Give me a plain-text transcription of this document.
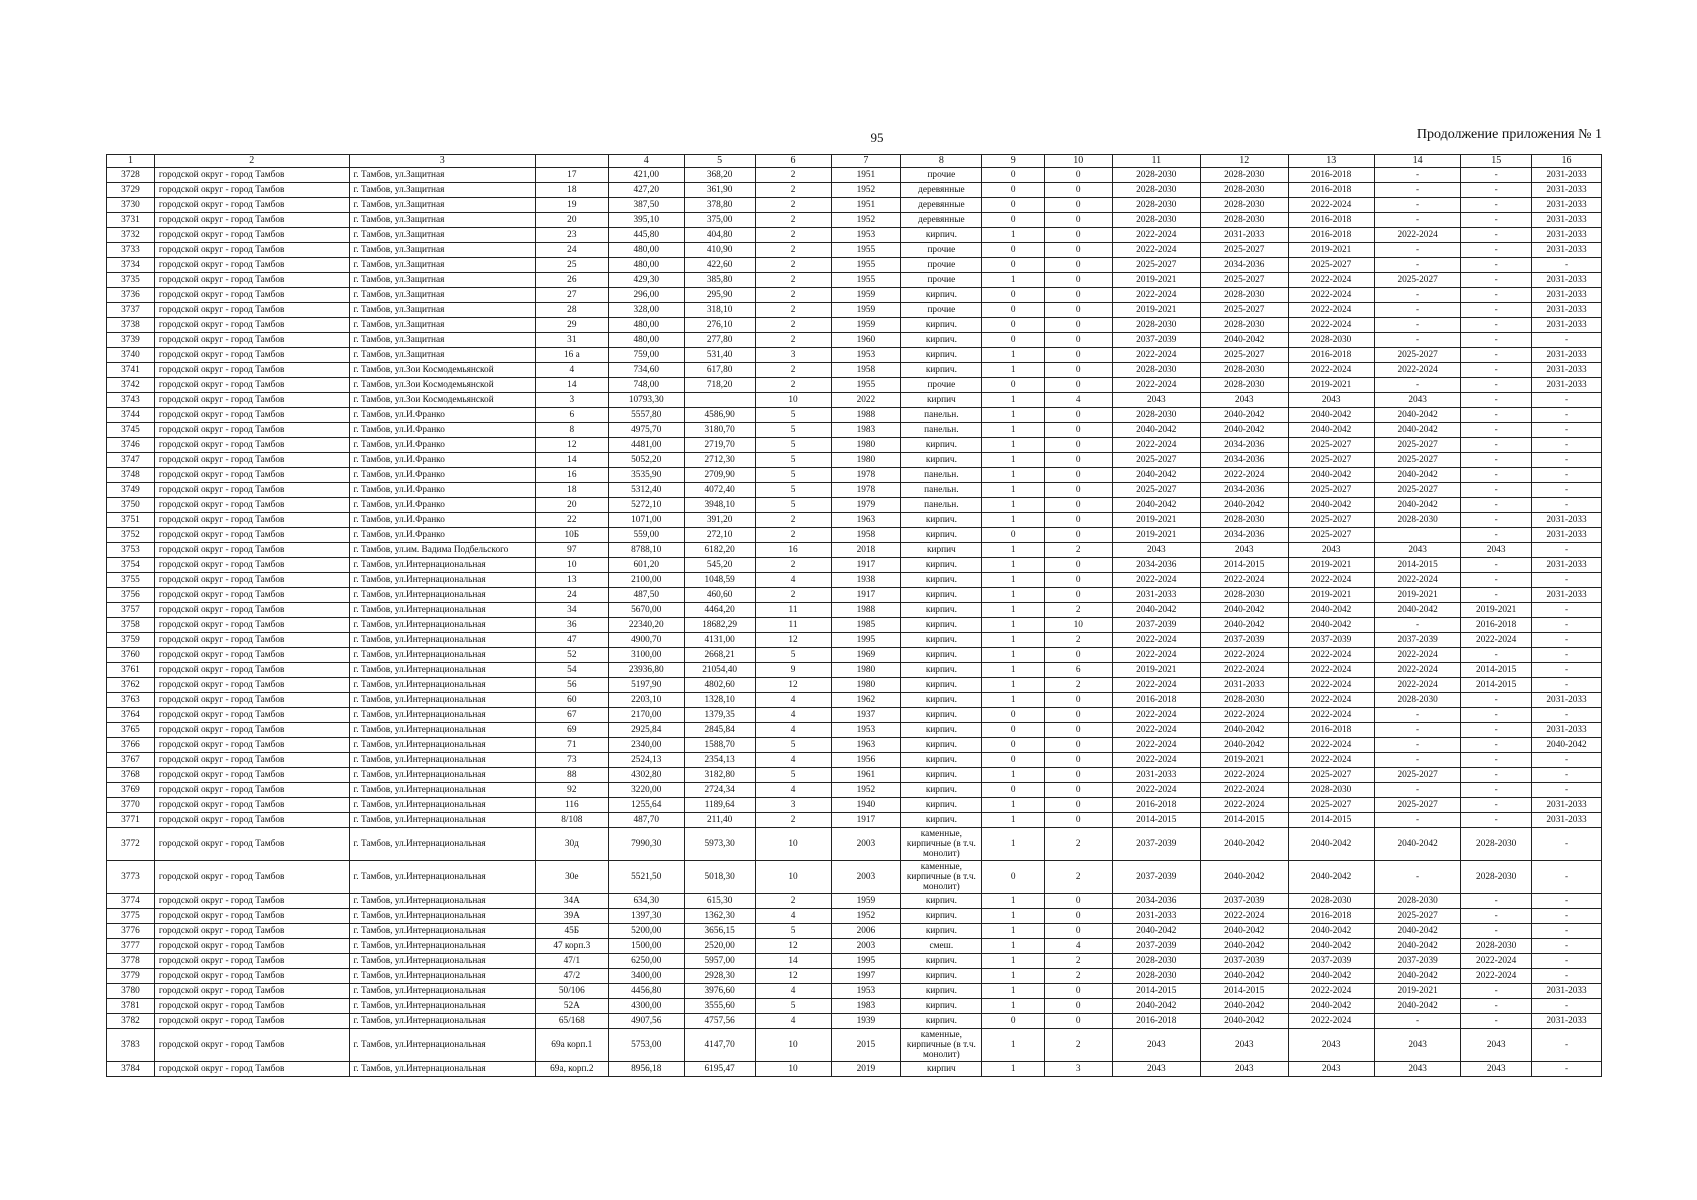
95	Продолжение приложения № 1
1	2	3		4	5	6	7	8	9	10	11	12	13	14	15	16
3728	городской округ - город Тамбов	г. Тамбов, ул.Защитная	17	421,00	368,20	2	1951	прочие	0	0	2028-2030	2028-2030	2016-2018	-	-	2031-2033
3729	городской округ - город Тамбов	г. Тамбов, ул.Защитная	18	427,20	361,90	2	1952	деревянные	0	0	2028-2030	2028-2030	2016-2018	-	-	2031-2033
3730	городской округ - город Тамбов	г. Тамбов, ул.Защитная	19	387,50	378,80	2	1951	деревянные	0	0	2028-2030	2028-2030	2022-2024	-	-	2031-2033
3731	городской округ - город Тамбов	г. Тамбов, ул.Защитная	20	395,10	375,00	2	1952	деревянные	0	0	2028-2030	2028-2030	2016-2018	-	-	2031-2033
3732	городской округ - город Тамбов	г. Тамбов, ул.Защитная	23	445,80	404,80	2	1953	кирпич.	1	0	2022-2024	2031-2033	2016-2018	2022-2024	-	2031-2033
3733	городской округ - город Тамбов	г. Тамбов, ул.Защитная	24	480,00	410,90	2	1955	прочие	0	0	2022-2024	2025-2027	2019-2021	-	-	2031-2033
3734	городской округ - город Тамбов	г. Тамбов, ул.Защитная	25	480,00	422,60	2	1955	прочие	0	0	2025-2027	2034-2036	2025-2027	-	-	-
3735	городской округ - город Тамбов	г. Тамбов, ул.Защитная	26	429,30	385,80	2	1955	прочие	1	0	2019-2021	2025-2027	2022-2024	2025-2027	-	2031-2033
3736	городской округ - город Тамбов	г. Тамбов, ул.Защитная	27	296,00	295,90	2	1959	кирпич.	0	0	2022-2024	2028-2030	2022-2024	-	-	2031-2033
3737	городской округ - город Тамбов	г. Тамбов, ул.Защитная	28	328,00	318,10	2	1959	прочие	0	0	2019-2021	2025-2027	2022-2024	-	-	2031-2033
3738	городской округ - город Тамбов	г. Тамбов, ул.Защитная	29	480,00	276,10	2	1959	кирпич.	0	0	2028-2030	2028-2030	2022-2024	-	-	2031-2033
3739	городской округ - город Тамбов	г. Тамбов, ул.Защитная	31	480,00	277,80	2	1960	кирпич.	0	0	2037-2039	2040-2042	2028-2030	-	-	-
3740	городской округ - город Тамбов	г. Тамбов, ул.Защитная	16 а	759,00	531,40	3	1953	кирпич.	1	0	2022-2024	2025-2027	2016-2018	2025-2027	-	2031-2033
3741	городской округ - город Тамбов	г. Тамбов, ул.Зои Космодемьянской	4	734,60	617,80	2	1958	кирпич.	1	0	2028-2030	2028-2030	2022-2024	2022-2024	-	2031-2033
3742	городской округ - город Тамбов	г. Тамбов, ул.Зои Космодемьянской	14	748,00	718,20	2	1955	прочие	0	0	2022-2024	2028-2030	2019-2021	-	-	2031-2033
3743	городской округ - город Тамбов	г. Тамбов, ул.Зои Космодемьянской	3	10793,30		10	2022	кирпич	1	4	2043	2043	2043	2043	-	-
3744	городской округ - город Тамбов	г. Тамбов, ул.И.Франко	6	5557,80	4586,90	5	1988	панельн.	1	0	2028-2030	2040-2042	2040-2042	2040-2042	-	-
3745	городской округ - город Тамбов	г. Тамбов, ул.И.Франко	8	4975,70	3180,70	5	1983	панельн.	1	0	2040-2042	2040-2042	2040-2042	2040-2042	-	-
3746	городской округ - город Тамбов	г. Тамбов, ул.И.Франко	12	4481,00	2719,70	5	1980	кирпич.	1	0	2022-2024	2034-2036	2025-2027	2025-2027	-	-
3747	городской округ - город Тамбов	г. Тамбов, ул.И.Франко	14	5052,20	2712,30	5	1980	кирпич.	1	0	2025-2027	2034-2036	2025-2027	2025-2027	-	-
3748	городской округ - город Тамбов	г. Тамбов, ул.И.Франко	16	3535,90	2709,90	5	1978	панельн.	1	0	2040-2042	2022-2024	2040-2042	2040-2042	-	-
3749	городской округ - город Тамбов	г. Тамбов, ул.И.Франко	18	5312,40	4072,40	5	1978	панельн.	1	0	2025-2027	2034-2036	2025-2027	2025-2027	-	-
3750	городской округ - город Тамбов	г. Тамбов, ул.И.Франко	20	5272,10	3948,10	5	1979	панельн.	1	0	2040-2042	2040-2042	2040-2042	2040-2042	-	-
3751	городской округ - город Тамбов	г. Тамбов, ул.И.Франко	22	1071,00	391,20	2	1963	кирпич.	1	0	2019-2021	2028-2030	2025-2027	2028-2030	-	2031-2033
3752	городской округ - город Тамбов	г. Тамбов, ул.И.Франко	10Б	559,00	272,10	2	1958	кирпич.	0	0	2019-2021	2034-2036	2025-2027		-	2031-2033
3753	городской округ - город Тамбов	г. Тамбов, ул.им. Вадима Подбельского	97	8788,10	6182,20	16	2018	кирпич	1	2	2043	2043	2043	2043	2043	-
3754	городской округ - город Тамбов	г. Тамбов, ул.Интернациональная	10	601,20	545,20	2	1917	кирпич.	1	0	2034-2036	2014-2015	2019-2021	2014-2015	-	2031-2033
3755	городской округ - город Тамбов	г. Тамбов, ул.Интернациональная	13	2100,00	1048,59	4	1938	кирпич.	1	0	2022-2024	2022-2024	2022-2024	2022-2024	-	-
3756	городской округ - город Тамбов	г. Тамбов, ул.Интернациональная	24	487,50	460,60	2	1917	кирпич.	1	0	2031-2033	2028-2030	2019-2021	2019-2021	-	2031-2033
3757	городской округ - город Тамбов	г. Тамбов, ул.Интернациональная	34	5670,00	4464,20	11	1988	кирпич.	1	2	2040-2042	2040-2042	2040-2042	2040-2042	2019-2021	-
3758	городской округ - город Тамбов	г. Тамбов, ул.Интернациональная	36	22340,20	18682,29	11	1985	кирпич.	1	10	2037-2039	2040-2042	2040-2042	-	2016-2018	-
3759	городской округ - город Тамбов	г. Тамбов, ул.Интернациональная	47	4900,70	4131,00	12	1995	кирпич.	1	2	2022-2024	2037-2039	2037-2039	2037-2039	2022-2024	-
3760	городской округ - город Тамбов	г. Тамбов, ул.Интернациональная	52	3100,00	2668,21	5	1969	кирпич.	1	0	2022-2024	2022-2024	2022-2024	2022-2024	-	-
3761	городской округ - город Тамбов	г. Тамбов, ул.Интернациональная	54	23936,80	21054,40	9	1980	кирпич.	1	6	2019-2021	2022-2024	2022-2024	2022-2024	2014-2015	-
3762	городской округ - город Тамбов	г. Тамбов, ул.Интернациональная	56	5197,90	4802,60	12	1980	кирпич.	1	2	2022-2024	2031-2033	2022-2024	2022-2024	2014-2015	-
3763	городской округ - город Тамбов	г. Тамбов, ул.Интернациональная	60	2203,10	1328,10	4	1962	кирпич.	1	0	2016-2018	2028-2030	2022-2024	2028-2030	-	2031-2033
3764	городской округ - город Тамбов	г. Тамбов, ул.Интернациональная	67	2170,00	1379,35	4	1937	кирпич.	0	0	2022-2024	2022-2024	2022-2024	-	-	-
3765	городской округ - город Тамбов	г. Тамбов, ул.Интернациональная	69	2925,84	2845,84	4	1953	кирпич.	0	0	2022-2024	2040-2042	2016-2018	-	-	2031-2033
3766	городской округ - город Тамбов	г. Тамбов, ул.Интернациональная	71	2340,00	1588,70	5	1963	кирпич.	0	0	2022-2024	2040-2042	2022-2024	-	-	2040-2042
3767	городской округ - город Тамбов	г. Тамбов, ул.Интернациональная	73	2524,13	2354,13	4	1956	кирпич.	0	0	2022-2024	2019-2021	2022-2024	-	-	-
3768	городской округ - город Тамбов	г. Тамбов, ул.Интернациональная	88	4302,80	3182,80	5	1961	кирпич.	1	0	2031-2033	2022-2024	2025-2027	2025-2027	-	-
3769	городской округ - город Тамбов	г. Тамбов, ул.Интернациональная	92	3220,00	2724,34	4	1952	кирпич.	0	0	2022-2024	2022-2024	2028-2030	-	-	-
3770	городской округ - город Тамбов	г. Тамбов, ул.Интернациональная	116	1255,64	1189,64	3	1940	кирпич.	1	0	2016-2018	2022-2024	2025-2027	2025-2027	-	2031-2033
3771	городской округ - город Тамбов	г. Тамбов, ул.Интернациональная	8/108	487,70	211,40	2	1917	кирпич.	1	0	2014-2015	2014-2015	2014-2015	-	-	2031-2033
3772	городской округ - город Тамбов	г. Тамбов, ул.Интернациональная	30д	7990,30	5973,30	10	2003	каменные, кирпичные (в т.ч. монолит)	1	2	2037-2039	2040-2042	2040-2042	2040-2042	2028-2030	-
3773	городской округ - город Тамбов	г. Тамбов, ул.Интернациональная	30е	5521,50	5018,30	10	2003	каменные, кирпичные (в т.ч. монолит)	0	2	2037-2039	2040-2042	2040-2042	-	2028-2030	-
3774	городской округ - город Тамбов	г. Тамбов, ул.Интернациональная	34А	634,30	615,30	2	1959	кирпич.	1	0	2034-2036	2037-2039	2028-2030	2028-2030	-	-
3775	городской округ - город Тамбов	г. Тамбов, ул.Интернациональная	39А	1397,30	1362,30	4	1952	кирпич.	1	0	2031-2033	2022-2024	2016-2018	2025-2027	-	-
3776	городской округ - город Тамбов	г. Тамбов, ул.Интернациональная	45Б	5200,00	3656,15	5	2006	кирпич.	1	0	2040-2042	2040-2042	2040-2042	2040-2042	-	-
3777	городской округ - город Тамбов	г. Тамбов, ул.Интернациональная	47 корп.3	1500,00	2520,00	12	2003	смеш.	1	4	2037-2039	2040-2042	2040-2042	2040-2042	2028-2030	-
3778	городской округ - город Тамбов	г. Тамбов, ул.Интернациональная	47/1	6250,00	5957,00	14	1995	кирпич.	1	2	2028-2030	2037-2039	2037-2039	2037-2039	2022-2024	-
3779	городской округ - город Тамбов	г. Тамбов, ул.Интернациональная	47/2	3400,00	2928,30	12	1997	кирпич.	1	2	2028-2030	2040-2042	2040-2042	2040-2042	2022-2024	-
3780	городской округ - город Тамбов	г. Тамбов, ул.Интернациональная	50/106	4456,80	3976,60	4	1953	кирпич.	1	0	2014-2015	2014-2015	2022-2024	2019-2021	-	2031-2033
3781	городской округ - город Тамбов	г. Тамбов, ул.Интернациональная	52А	4300,00	3555,60	5	1983	кирпич.	1	0	2040-2042	2040-2042	2040-2042	2040-2042	-	-
3782	городской округ - город Тамбов	г. Тамбов, ул.Интернациональная	65/168	4907,56	4757,56	4	1939	кирпич.	0	0	2016-2018	2040-2042	2022-2024	-	-	2031-2033
3783	городской округ - город Тамбов	г. Тамбов, ул.Интернациональная	69а корп.1	5753,00	4147,70	10	2015	каменные, кирпичные (в т.ч. монолит)	1	2	2043	2043	2043	2043	2043	-
3784	городской округ - город Тамбов	г. Тамбов, ул.Интернациональная	69а, корп.2	8956,18	6195,47	10	2019	кирпич	1	3	2043	2043	2043	2043	2043	-
